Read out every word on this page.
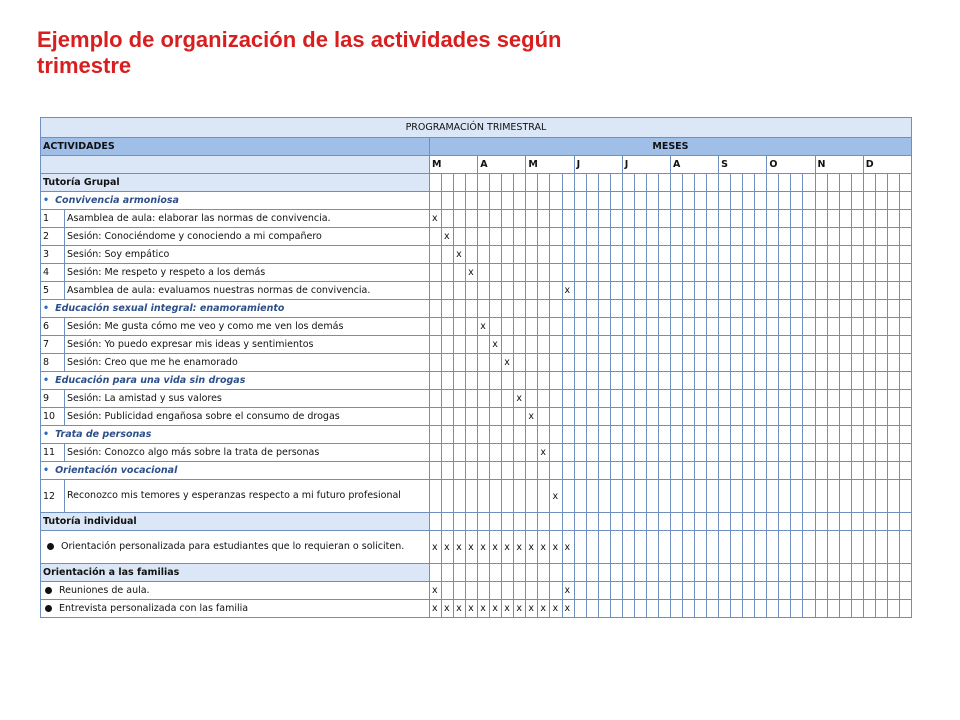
Ejemplo de organización de las actividades según trimestre
PROGRAMACIÓN TRIMESTRAL																																									
ACTIVIDADES		MESES																																							
		M				A				M				J				J				A				S				O				N				D			
Tutoría Grupal																																									
• Convivencia armoniosa																																									
1	Asamblea de aula: elaborar las normas de convivencia.	x																																							
2	Sesión: Conociéndome y conociendo a mi compañero		x																																						
3	Sesión: Soy empático			x																																					
4	Sesión: Me respeto y respeto a los demás				x																																				
5	Asamblea de aula: evaluamos nuestras normas de convivencia.												x																												
• Educación sexual integral: enamoramiento																																									
6	Sesión: Me gusta cómo me veo y como me ven los demás					x																																			
7	Sesión: Yo puedo expresar mis ideas y sentimientos						x																																		
8	Sesión: Creo que me he enamorado							x																																	
• Educación para una vida sin drogas																																									
9	Sesión: La amistad y sus valores								x																																
10	Sesión: Publicidad engañosa sobre el consumo de drogas									x																															
• Trata de personas																																									
11	Sesión: Conozco algo más sobre la trata de personas										x																														
• Orientación vocacional																																									
12	Reconozco mis temores y esperanzas respecto a mi futuro profesional											x																													
Tutoría individual																																									
Orientación personalizada para estudiantes que lo requieran o soliciten.		x	x	x	x	x	x	x	x	x	x	x	x																												
Orientación a las familias																																									
Reuniones de aula.		x											x																												
Entrevista personalizada con las familia		x	x	x	x	x	x	x	x	x	x	x	x																												
